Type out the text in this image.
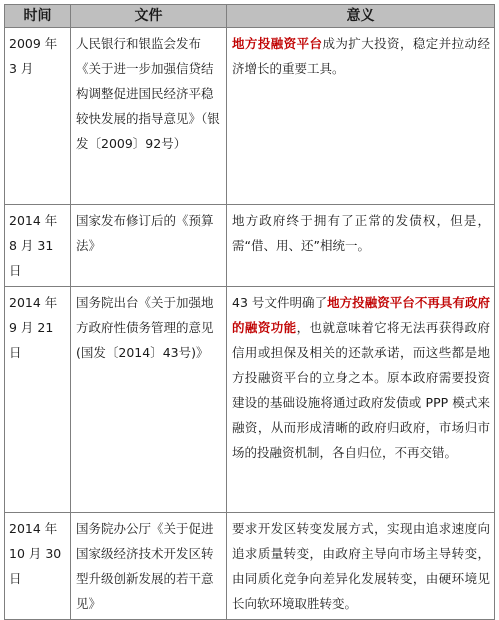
时间	文件	意义
2009 年 3 月	人民银行和银监会发布《关于进一步加强信贷结构调整促进国民经济平稳较快发展的指导意见》（银发〔2009〕92号）	地方投融资平台成为扩大投资，稳定并拉动经济增长的重要工具。
2014 年 8 月 31 日	国家发布修订后的《预算法》	地方政府终于拥有了正常的发债权，但是，需“借、用、还”相统一。
2014 年 9 月 21 日	国务院出台《关于加强地方政府性债务管理的意见(国发〔2014〕43号)》	43 号文件明确了地方投融资平台不再具有政府的融资功能，也就意味着它将无法再获得政府信用或担保及相关的还款承诺，而这些都是地方投融资平台的立身之本。原本政府需要投资建设的基础设施将通过政府发债或 PPP 模式来融资，从而形成清晰的政府归政府，市场归市场的投融资机制，各自归位，不再交错。
2014 年 10 月 30 日	国务院办公厅《关于促进国家级经济技术开发区转型升级创新发展的若干意见》	要求开发区转变发展方式，实现由追求速度向追求质量转变，由政府主导向市场主导转变，由同质化竞争向差异化发展转变，由硬环境见长向软环境取胜转变。
